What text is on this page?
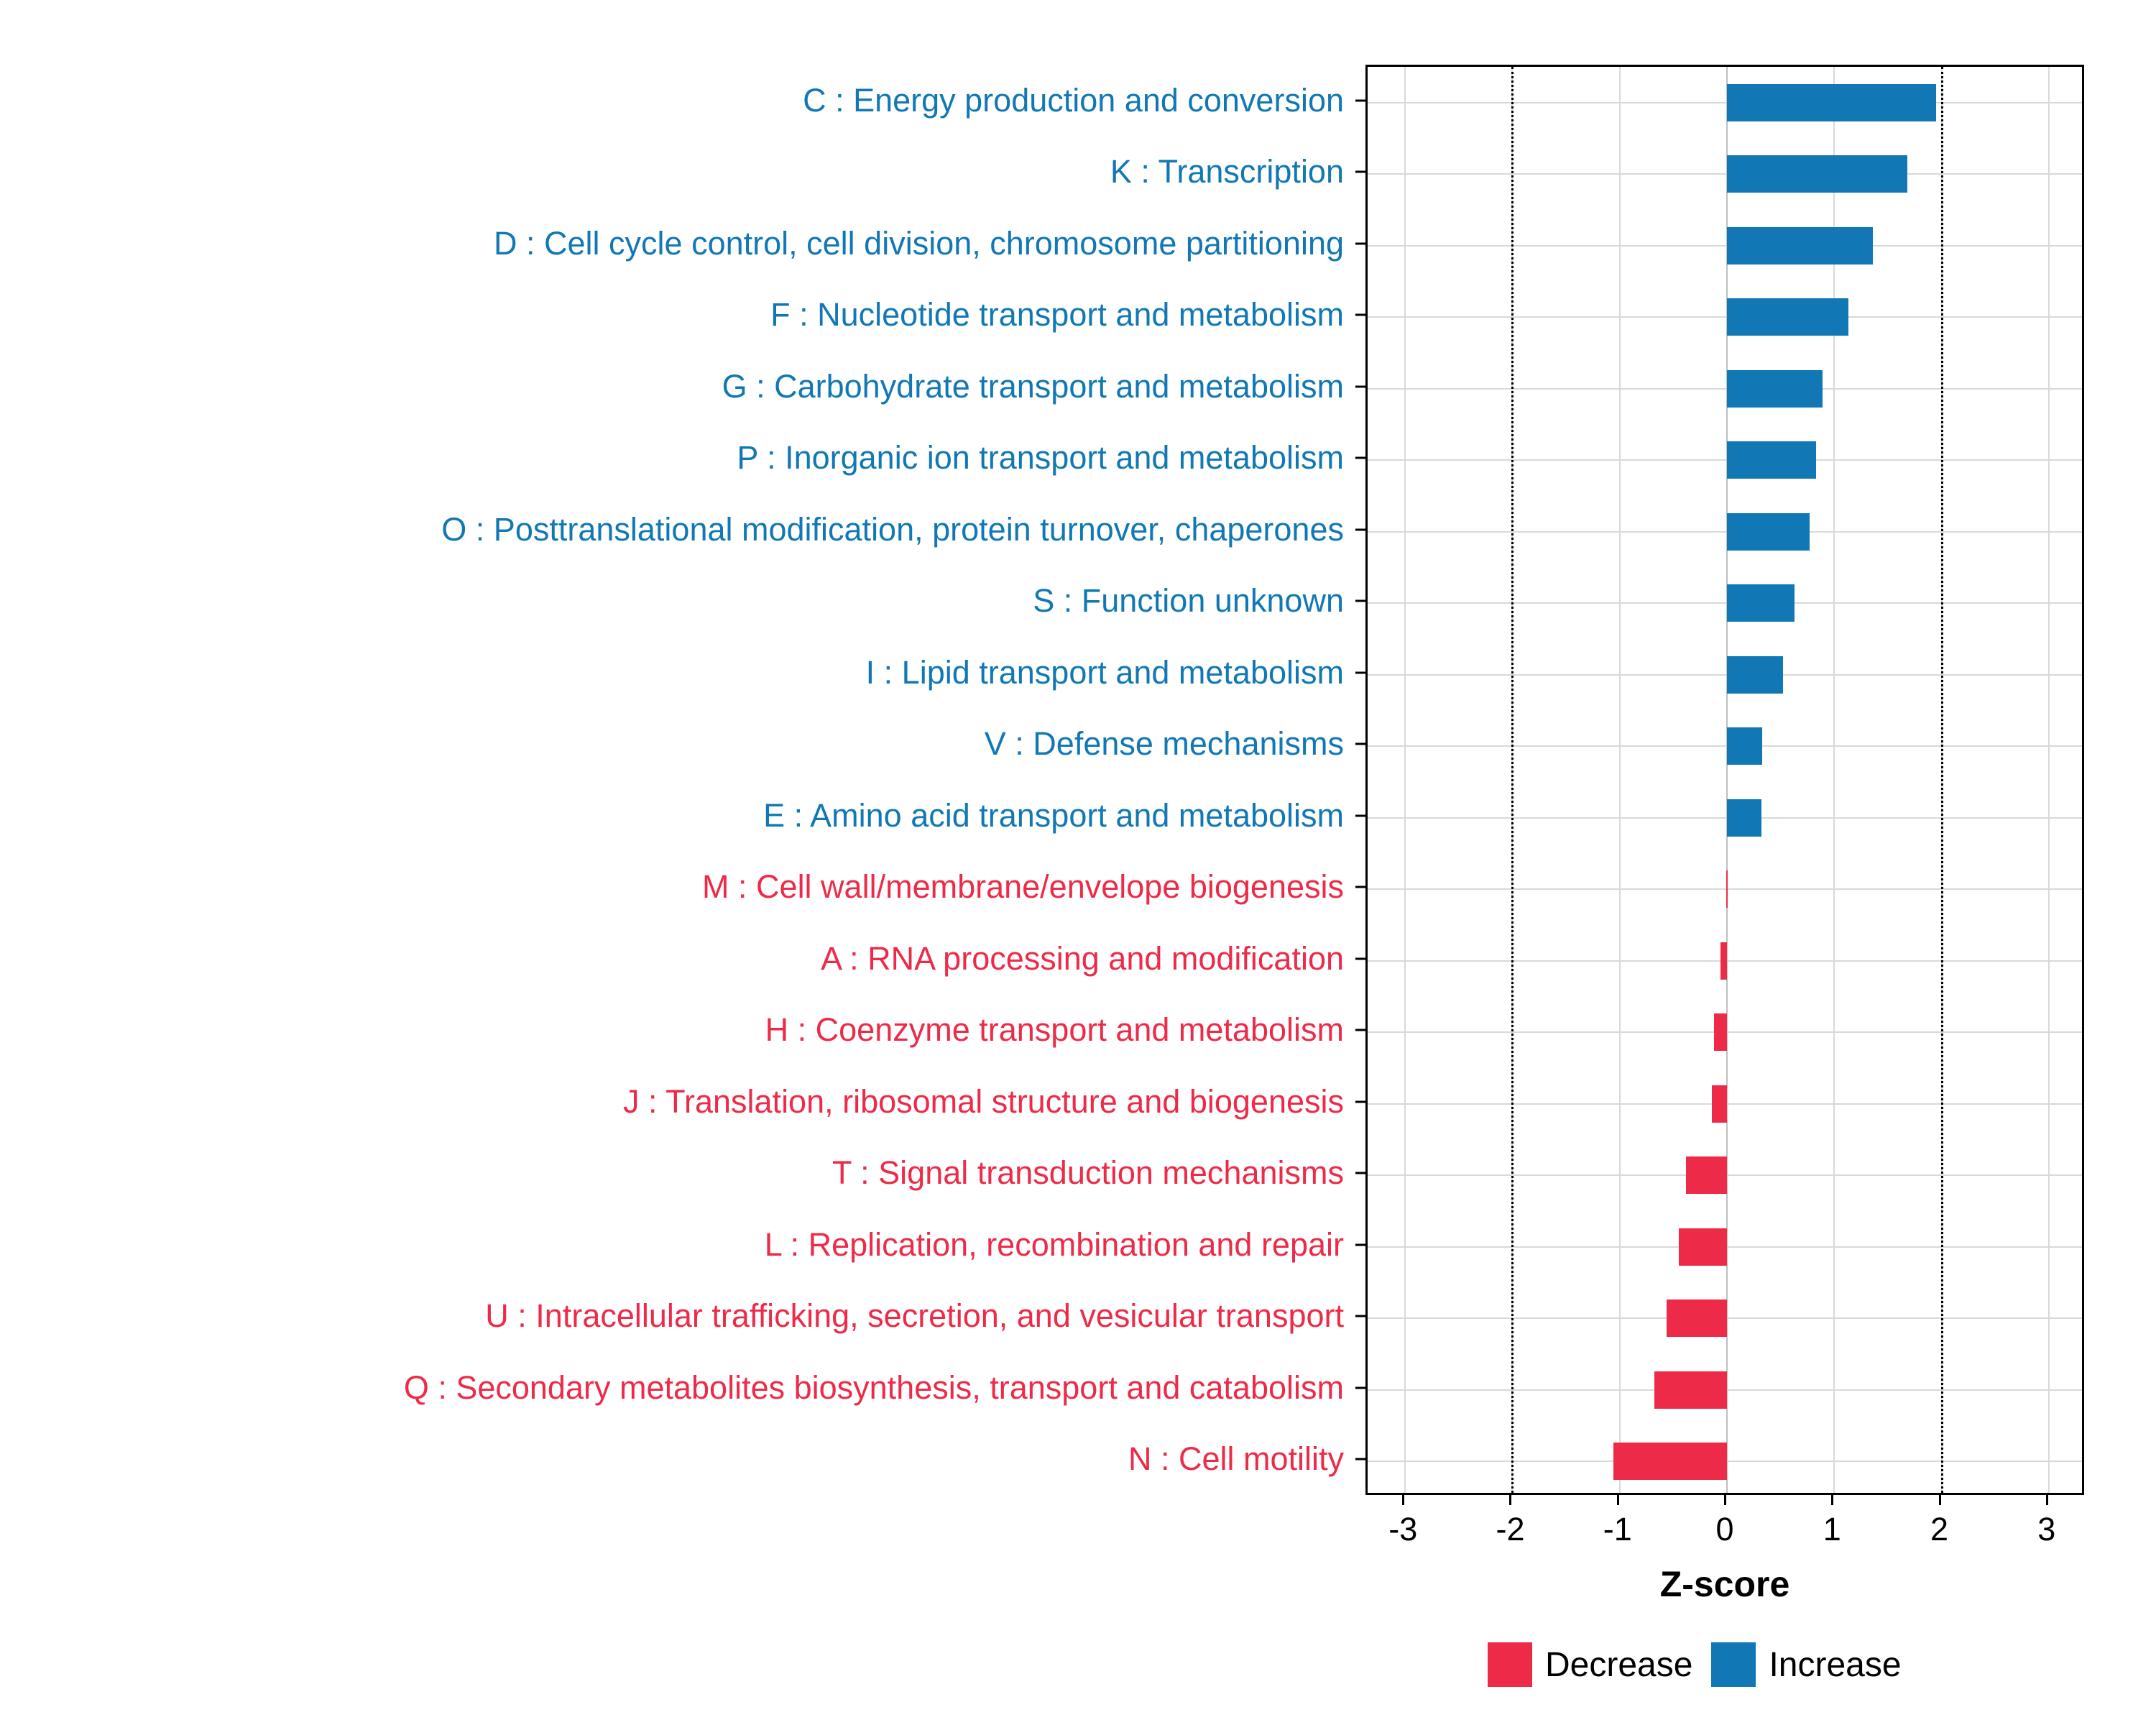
C : Energy production and conversion
K : Transcription
D : Cell cycle control, cell division, chromosome partitioning
F : Nucleotide transport and metabolism
G : Carbohydrate transport and metabolism
P : Inorganic ion transport and metabolism
O : Posttranslational modification, protein turnover, chaperones
S : Function unknown
I : Lipid transport and metabolism
V : Defense mechanisms
E : Amino acid transport and metabolism
M : Cell wall/membrane/envelope biogenesis
A : RNA processing and modification
H : Coenzyme transport and metabolism
J : Translation, ribosomal structure and biogenesis
T : Signal transduction mechanisms
L : Replication, recombination and repair
U : Intracellular trafficking, secretion, and vesicular transport
Q : Secondary metabolites biosynthesis, transport and catabolism
N : Cell motility
-3 -2 -1	0	1	2	3
Z-score
Decrease Increase
